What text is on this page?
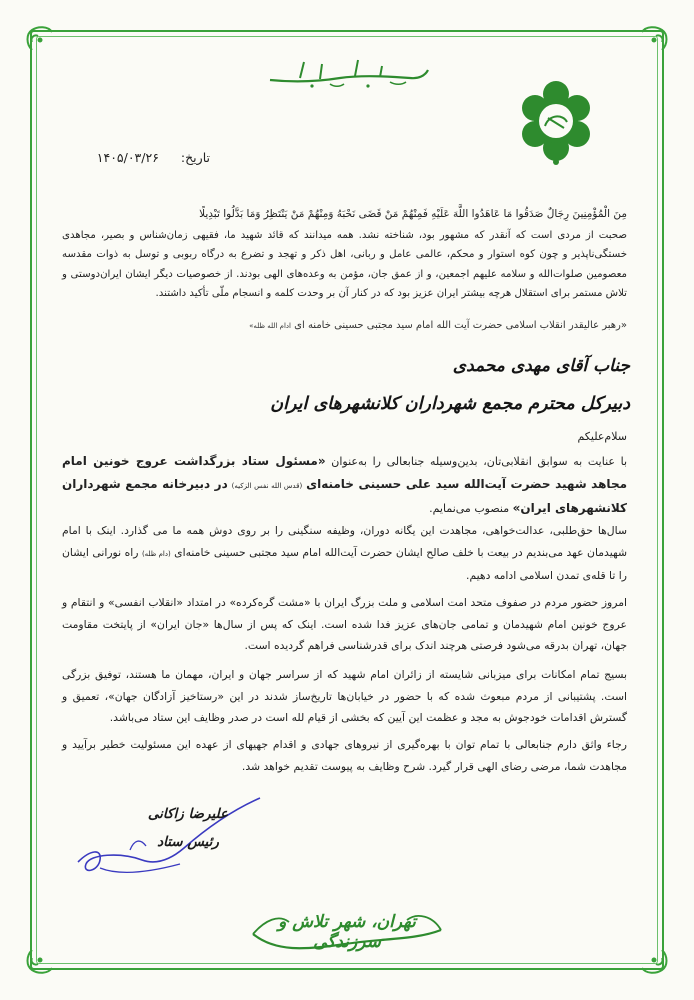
تاریخ: ۱۴۰۵/۰۳/۲۶
مِنَ الْمُؤْمِنِينَ رِجَالٌ صَدَقُوا مَا عَاهَدُوا اللَّهَ عَلَيْهِ فَمِنْهُمْ مَنْ قَضَى نَحْبَهُ وَمِنْهُمْ مَنْ يَنْتَظِرُ وَمَا بَدَّلُوا تَبْدِيلًا
صحبت از مردی است که آنقدر که مشهور بود، شناخته نشد. همه میدانند که قائد شهید ما، فقیهی زمان‌شناس و بصیر، مجاهدی خستگی‌ناپذیر و چون کوه استوار و محکم، عالمی عامل و ربانی، اهل ذکر و تهجد و تضرع به درگاه ربوبی و توسل به ذوات مقدسه معصومین صلوات‌الله و سلامه علیهم اجمعین، و از عمق جان، مؤمن به وعده‌های الهی بودند. از خصوصیات دیگر ایشان ایران‌دوستی و تلاش مستمر برای استقلال هرچه بیشتر ایران عزیز بود که در کنار آن بر وحدت کلمه و انسجام ملّی تأکید داشتند.
«رهبر عالیقدر انقلاب اسلامی حضرت آیت الله امام سید مجتبی حسینی خامنه ای ادام الله ظله»
جناب آقای مهدی محمدی
دبیرکل محترم مجمع شهرداران کلانشهرهای ایران
سلام‌علیکم
با عنایت به سوابق انقلابی‌تان، بدین‌وسیله جنابعالی را به‌عنوان «مسئول ستاد بزرگداشت عروج خونین امام مجاهد شهید حضرت آیت‌الله سید علی حسینی خامنه‌ای (قدس الله نفس الزکیه) در دبیرخانه مجمع شهرداران کلانشهرهای ایران» منصوب می‌نمایم.
سال‌ها حق‌طلبی، عدالت‌خواهی، مجاهدت این یگانه دوران، وظیفه سنگینی را بر روی دوش همه ما می گذارد. اینک با امام شهیدمان عهد می‌بندیم در بیعت با خلف صالح ایشان حضرت آیت‌الله امام سید مجتبی حسینی خامنه‌ای (دام ظله) راه نورانی ایشان را تا قله‌ی تمدن اسلامی ادامه دهیم.
امروز حضور مردم در صفوف متحد امت اسلامی و ملت بزرگ ایران با «مشت گره‌کرده» در امتداد «انقلاب انفسی» و انتقام و عروج خونین امام شهیدمان و تمامی جان‌های عزیز فدا شده است. اینک که پس از سال‌ها «جان ایران» از پایتخت مقاومت جهان، تهران بدرقه می‌شود فرصتی هرچند اندک برای قدرشناسی فراهم گردیده است.
بسیج تمام امکانات برای میزبانی شایسته از زائران امام شهید که از سراسر جهان و ایران، مهمان ما هستند، توفیق بزرگی است. پشتیبانی از مردم مبعوث شده که با حضور در خیابان‌ها تاریخ‌ساز شدند در این «رستاخیز آزادگان جهان»، تعمیق و گسترش اقدامات خودجوش به مجد و عظمت این آیین که بخشی از قیام لله است در صدر وظایف این ستاد می‌باشد.
رجاء واثق دارم جنابعالی با تمام توان با بهره‌گیری از نیروهای جهادی و اقدام جهیهای از عهده این مسئولیت خطیر برآیید و مجاهدت شما، مرضی رضای الهی قرار گیرد. شرح وظایف به پیوست تقدیم خواهد شد.
علیرضا زاکانی
رئیس ستاد
تهران، شهر تلاش و سرزندگی
